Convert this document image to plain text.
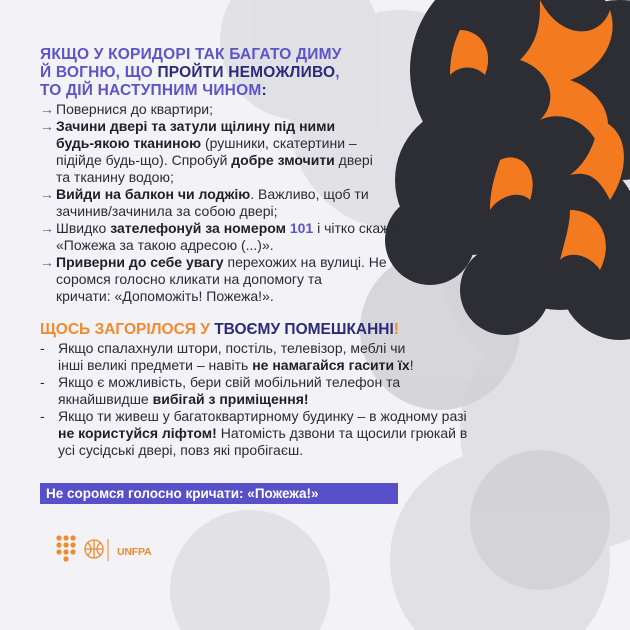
ЯКЩО У КОРИДОРІ ТАК БАГАТО ДИМУ
Й ВОГНЮ, ЩО ПРОЙТИ НЕМОЖЛИВО,
ТО ДІЙ НАСТУПНИМ ЧИНОМ:
→ Повернися до квартири;
→ Зачини двері та затули щілину під ними
будь-якою тканиною (рушники, скатертини –
підійде будь-що). Спробуй добре змочити двері
та тканину водою;
→ Вийди на балкон чи лоджію. Важливо, щоб ти
зачинив/зачинила за собою двері;
→ Швидко зателефонуй за номером 101 і чітко скажи:
«Пожежа за такою адресою (...)».
→ Приверни до себе увагу перехожих на вулиці. Не
соромся голосно кликати на допомогу та
кричати: «Допоможіть! Пожежа!».
ЩОСЬ ЗАГОРІЛОСЯ У ТВОЄМУ ПОМЕШКАННІ!
- Якщо спалахнули штори, постіль, телевізор, меблі чи
інші великі предмети – навіть не намагайся гасити їх!
- Якщо є можливість, бери свій мобільний телефон та
якнайшвидше вибігай з приміщення!
- Якщо ти живеш у багатоквартирному будинку – в жодному разі
не користуйся ліфтом! Натомість дзвони та щосили грюкай в
усі сусідські двері, повз які пробігаєш.
Не соромся голосно кричати: «Пожежа!»
UNFPA
